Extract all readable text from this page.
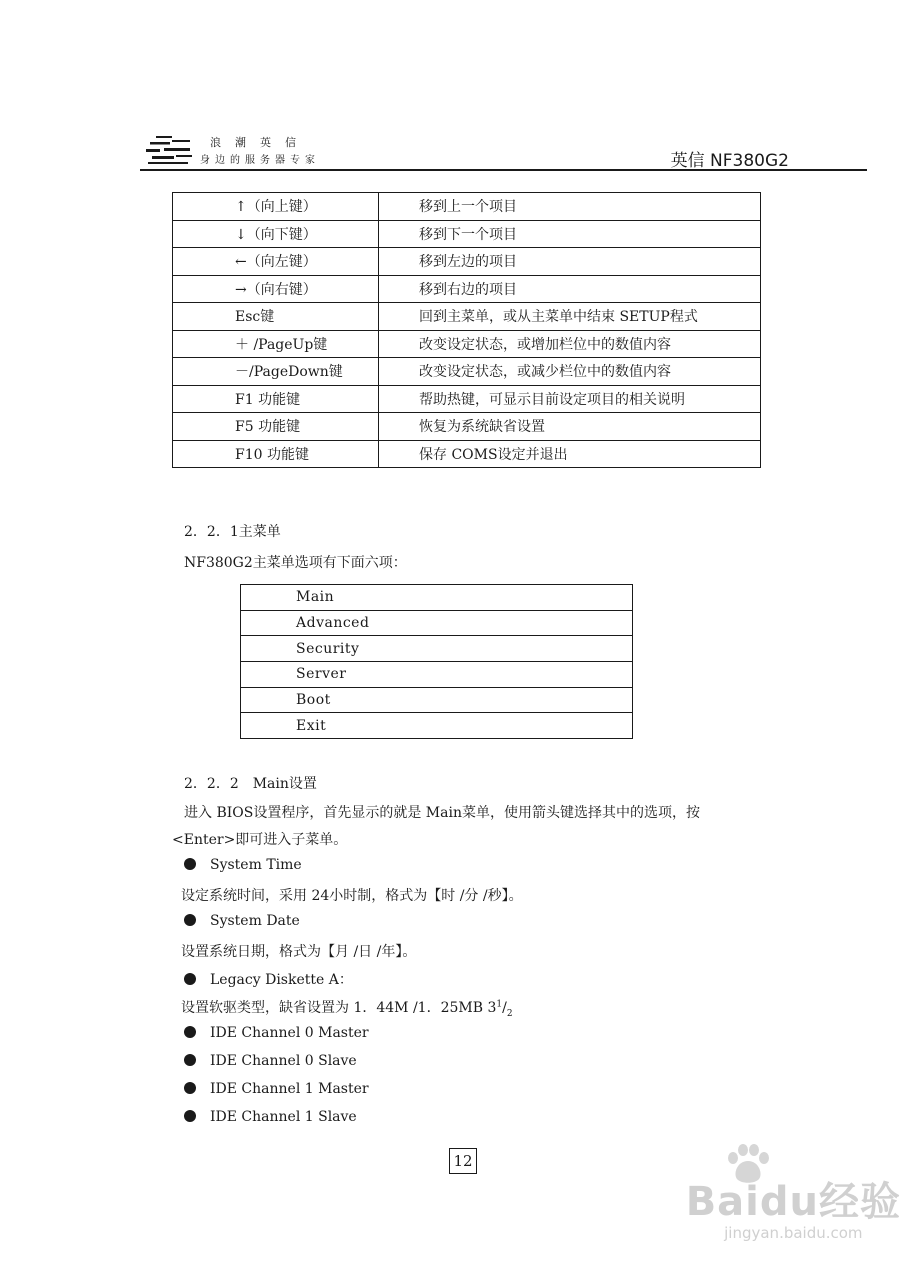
浪潮英信
身边的服务器专家	英信 NF380G2
↑（向上键）	移到上一个项目
↓（向下键）	移到下一个项目
←（向左键）	移到左边的项目
→（向右键）	移到右边的项目
Esc键	回到主菜单，或从主菜单中结束 SETUP程式
＋ /PageUp键	改变设定状态，或增加栏位中的数值内容
－/PageDown键	改变设定状态，或减少栏位中的数值内容
F1 功能键	帮助热键，可显示目前设定项目的相关说明
F5 功能键	恢复为系统缺省设置
F10 功能键	保存 COMS设定并退出
2．2．1主菜单
NF380G2主菜单选项有下面六项：
Main
Advanced
Security
Server
Boot
Exit
2．2．2　Main设置
进入 BIOS设置程序，首先显示的就是 Main菜单，使用箭头键选择其中的选项，按
<Enter>即可进入子菜单。
System Time
设定系统时间，采用 24小时制，格式为【时 /分 /秒】。
System Date
设置系统日期，格式为【月 /日 /年】。
Legacy Diskette A：
设置软驱类型，缺省设置为 1．44M /1．25MB $3^1/_2$
IDE Channel 0 Master
IDE Channel 0 Slave
IDE Channel 1 Master
IDE Channel 1 Slave
12
Baidu经验
jingyan.baidu.com
